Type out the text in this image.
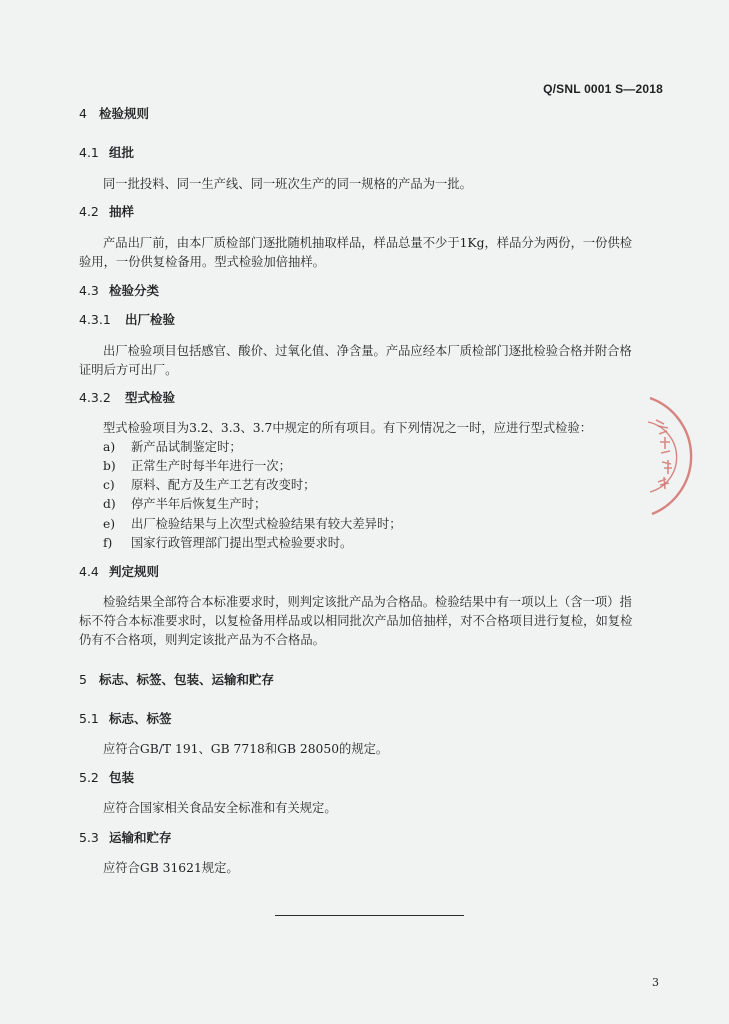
Q/SNL 0001 S—2018
4 检验规则
4.1 组批
同一批投料、同一生产线、同一班次生产的同一规格的产品为一批。
4.2 抽样
产品出厂前，由本厂质检部门逐批随机抽取样品，样品总量不少于1Kg，样品分为两份，一份供检
验用，一份供复检备用。型式检验加倍抽样。
4.3 检验分类
4.3.1 出厂检验
出厂检验项目包括感官、酸价、过氧化值、净含量。产品应经本厂质检部门逐批检验合格并附合格
证明后方可出厂。
4.3.2 型式检验
型式检验项目为3.2、3.3、3.7中规定的所有项目。有下列情况之一时，应进行型式检验：
a) 新产品试制鉴定时；
b) 正常生产时每半年进行一次；
c) 原料、配方及生产工艺有改变时；
d) 停产半年后恢复生产时；
e) 出厂检验结果与上次型式检验结果有较大差异时；
f) 国家行政管理部门提出型式检验要求时。
4.4 判定规则
检验结果全部符合本标准要求时，则判定该批产品为合格品。检验结果中有一项以上（含一项）指
标不符合本标准要求时，以复检备用样品或以相同批次产品加倍抽样，对不合格项目进行复检，如复检
仍有不合格项，则判定该批产品为不合格品。
5 标志、标签、包装、运输和贮存
5.1 标志、标签
应符合GB/T 191、GB 7718和GB 28050的规定。
5.2 包装
应符合国家相关食品安全标准和有关规定。
5.3 运输和贮存
应符合GB 31621规定。
3
